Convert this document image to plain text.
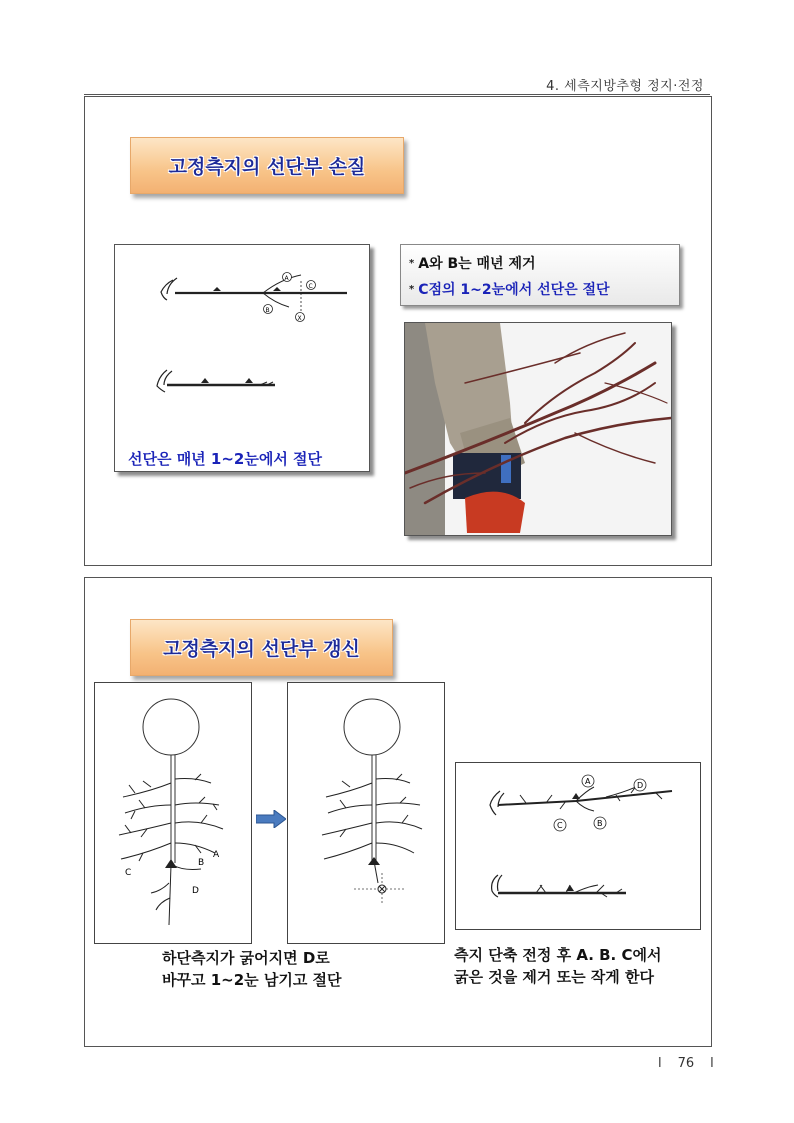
4. 세측지방추형 정지·전정
고정측지의 선단부 손질
A
C
B
X
선단은 매년 1~2눈에서 절단
* A와 B는 매년 제거
* C점의 1~2눈에서 선단은 절단
고정측지의 선단부 갱신
A
B
C
D
하단측지가 굵어지면 D로
바꾸고 1~2눈 남기고 절단
A	D
C	B
측지 단축 전정 후 A. B. C에서
굵은 것을 제거 또는 작게 한다
l 76 l
